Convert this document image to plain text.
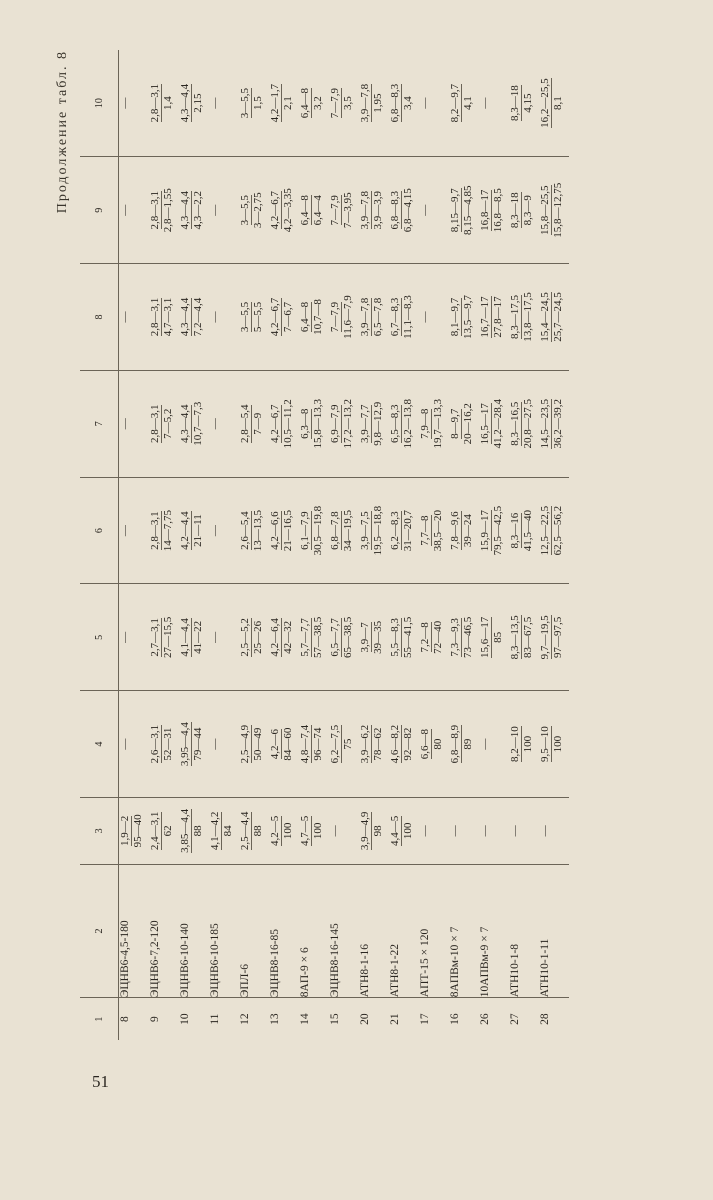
Продолжение табл. 8
1	2	3	4	5	6	7	8	9	10
8	ЭЦНВ6-4,5-180	1,9—2 95—40	—	—	—	—	—	—	—

9	ЭЦНВ6-7,2-120	2,4—3,1 62	2,6—3,1 52—31	2,7—3,1 27—15,5	2,8—3,1 14—7,75	2,8—3,1 7—5,2	2,8—3,1 4,7—3,1	2,8—3,1 2,8—1,55	2,8—3,1 1,4

10	ЭЦНВ6-10-140	3,85—4,4 88	3,95—4,4 79—44	4,1—4,4 41—22	4,2—4,4 21—11	4,3—4,4 10,7—7,3	4,3—4,4 7,2—4,4	4,3—4,4 4,3—2,2	4,3—4,4 2,15

11	ЭЦНВ6-10-185	4,1—4,2 84	—	—	—	—	—	—	—

12	ЭПЛ-6	2,5—4,4 88	2,5—4,9 50—49	2,5—5,2 25—26	2,6—5,4 13—13,5	2,8—5,4 7—9	3—5,5 5—5,5	3—5,5 3—2,75	3—5,5 1,5

13	ЭЦНВ8-16-85	4,2—5 100	4,2—6 84—60	4,2—6,4 42—32	4,2—6,6 21—16,5	4,2—6,7 10,5—11,2	4,2—6,7 7—6,7	4,2—6,7 4,2—3,35	4,2—1,7 2,1

14	8АП-9 × 6	4,7—5 100	4,8—7,4 96—74	5,7—7,7 57—38,5	6,1—7,9 30,5—19,8	6,3—8 15,8—13,3	6,4—8 10,7—8	6,4—8 6,4—4	6,4—8 3,2

15	ЭЦНВ8-16-145	—	6,2—7,5 75	6,5—7,7 65—38,5	6,8—7,8 34—19,5	6,9—7,9 17,2—13,2	7—7,9 11,6—7,9	7—7,9 7—3,95	7—7,9 3,5

20	АТН8-1-16	3,9—4,9 98	3,9—6,2 78—62	3,9—7 39—35	3,9—7,5 19,5—18,8	3,9—7,7 9,8—12,9	3,9—7,8 6,5—7,8	3,9—7,8 3,9—3,9	3,9—7,8 1,95

21	АТН8-1-22	4,4—5 100	4,6—8,2 92—82	5,5—8,3 55—41,5	6,2—8,3 31—20,7	6,5—8,3 16,2—13,8	6,7—8,3 11,1—8,3	6,8—8,3 6,8—4,15	6,8—8,3 3,4

17	АПТ-15 × 120	—	6,6—8 80	7,2—8 72—40	7,7—8 38,5—20	7,9—8 19,7—13,3	—	—	—

16	8АПВм-10 × 7	—	6,8—8,9 89	7,3—9,3 73—46,5	7,8—9,6 39—24	8—9,7 20—16,2	8,1—9,7 13,5—9,7	8,15—9,7 8,15—4,85	8,2—9,7 4,1

26	10АПВм-9 × 7	—	—	15,6—17 85	15,9—17 79,5—42,5	16,5—17 41,2—28,4	16,7—17 27,8—17	16,8—17 16,8—8,5	—

27	АТН10-1-8	—	8,2—10 100	8,3—13,5 83—67,5	8,3—16 41,5—40	8,3—16,5 20,8—27,5	8,3—17,5 13,8—17,5	8,3—18 8,3—9	8,3—18 4,15

28	АТН10-1-11	—	9,5—10 100	9,7—19,5 97—97,5	12,5—22,5 62,5—56,2	14,5—23,5 36,2—39,2	15,4—24,5 25,7—24,5	15,8—25,5 15,8—12,75	16,2—25,5 8,1
51
